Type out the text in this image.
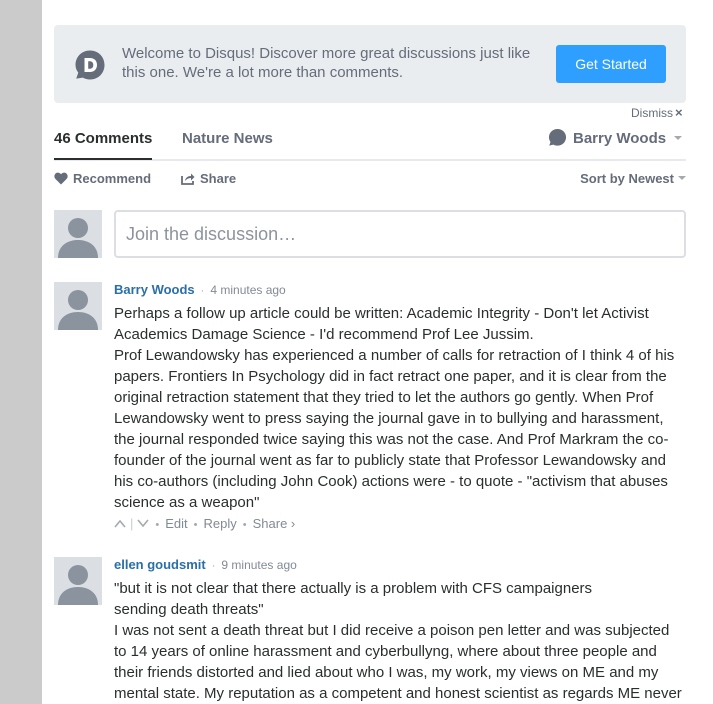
Welcome to Disqus! Discover more great discussions just like this one. We're a lot more than comments.	Get Started
Dismiss ×
46 Comments Nature News	Barry Woods
Recommend	Share	Sort by Newest
Join the discussion…
Barry Woods · 4 minutes ago

Perhaps a follow up article could be written: Academic Integrity - Don't let Activist Academics Damage Science - I'd recommend Prof Lee Jussim.

Prof Lewandowsky has experienced a number of calls for retraction of I think 4 of his papers. Frontiers In Psychology did in fact retract one paper, and it is clear from the original retraction statement that they tried to let the authors go gently. When Prof Lewandowsky went to press saying the journal gave in to bullying and harassment, the journal responded twice saying this was not the case. And Prof Markram the co-founder of the journal went as far to publicly state that Professor Lewandowsky and his co-authors (including John Cook) actions were - to quote - "activism that abuses science as a weapon"

| • Edit • Reply • Share ›
ellen goudsmit · 9 minutes ago

"but it is not clear that there actually is a problem with CFS campaigners

sending death threats"

I was not sent a death threat but I did receive a poison pen letter and was subjected to 14 years of online harassment and cyberbullyng, where about three people and their friends distorted and lied about who I was, my work, my views on ME and my mental state. My reputation as a competent and honest scientist as regards ME never
